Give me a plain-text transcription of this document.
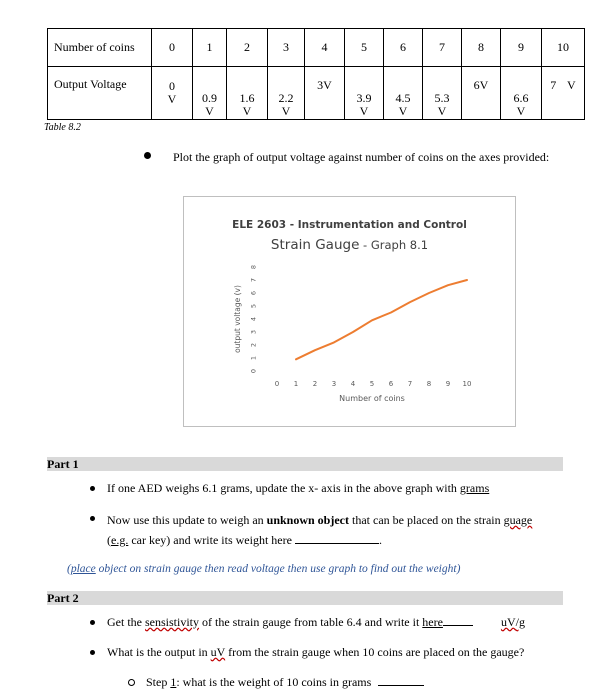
Number of coins	0	1	2	3	4	5	6	7	8	9	10
Output Voltage	0 V	0.9 V	1.6 V	2.2 V	3V	3.9 V	4.5 V	5.3 V	6V	6.6 V	7 V
Table 8.2
Plot the graph of output voltage against number of coins on the axes provided:
ELE 2603 - Instrumentation and Control
Strain Gauge - Graph 8.1
0
1
2
3
4
5
6
7
8
0 1 2 3 4 5 6 7 8 9 10
Number of coins
output voltage (v)
Part 1
If one AED weighs 6.1 grams, update the x- axis in the above graph with grams
Now use this update to weigh an unknown object that can be placed on the strain guage
(e.g. car key) and write its weight here	.
(place object on strain gauge then read voltage then use graph to find out the weight)
Part 2
Get the sensistivity of the strain gauge from table 6.4 and write it here	uV/g
What is the output in uV from the strain gauge when 10 coins are placed on the gauge?
Step 1: what is the weight of 10 coins in grams
